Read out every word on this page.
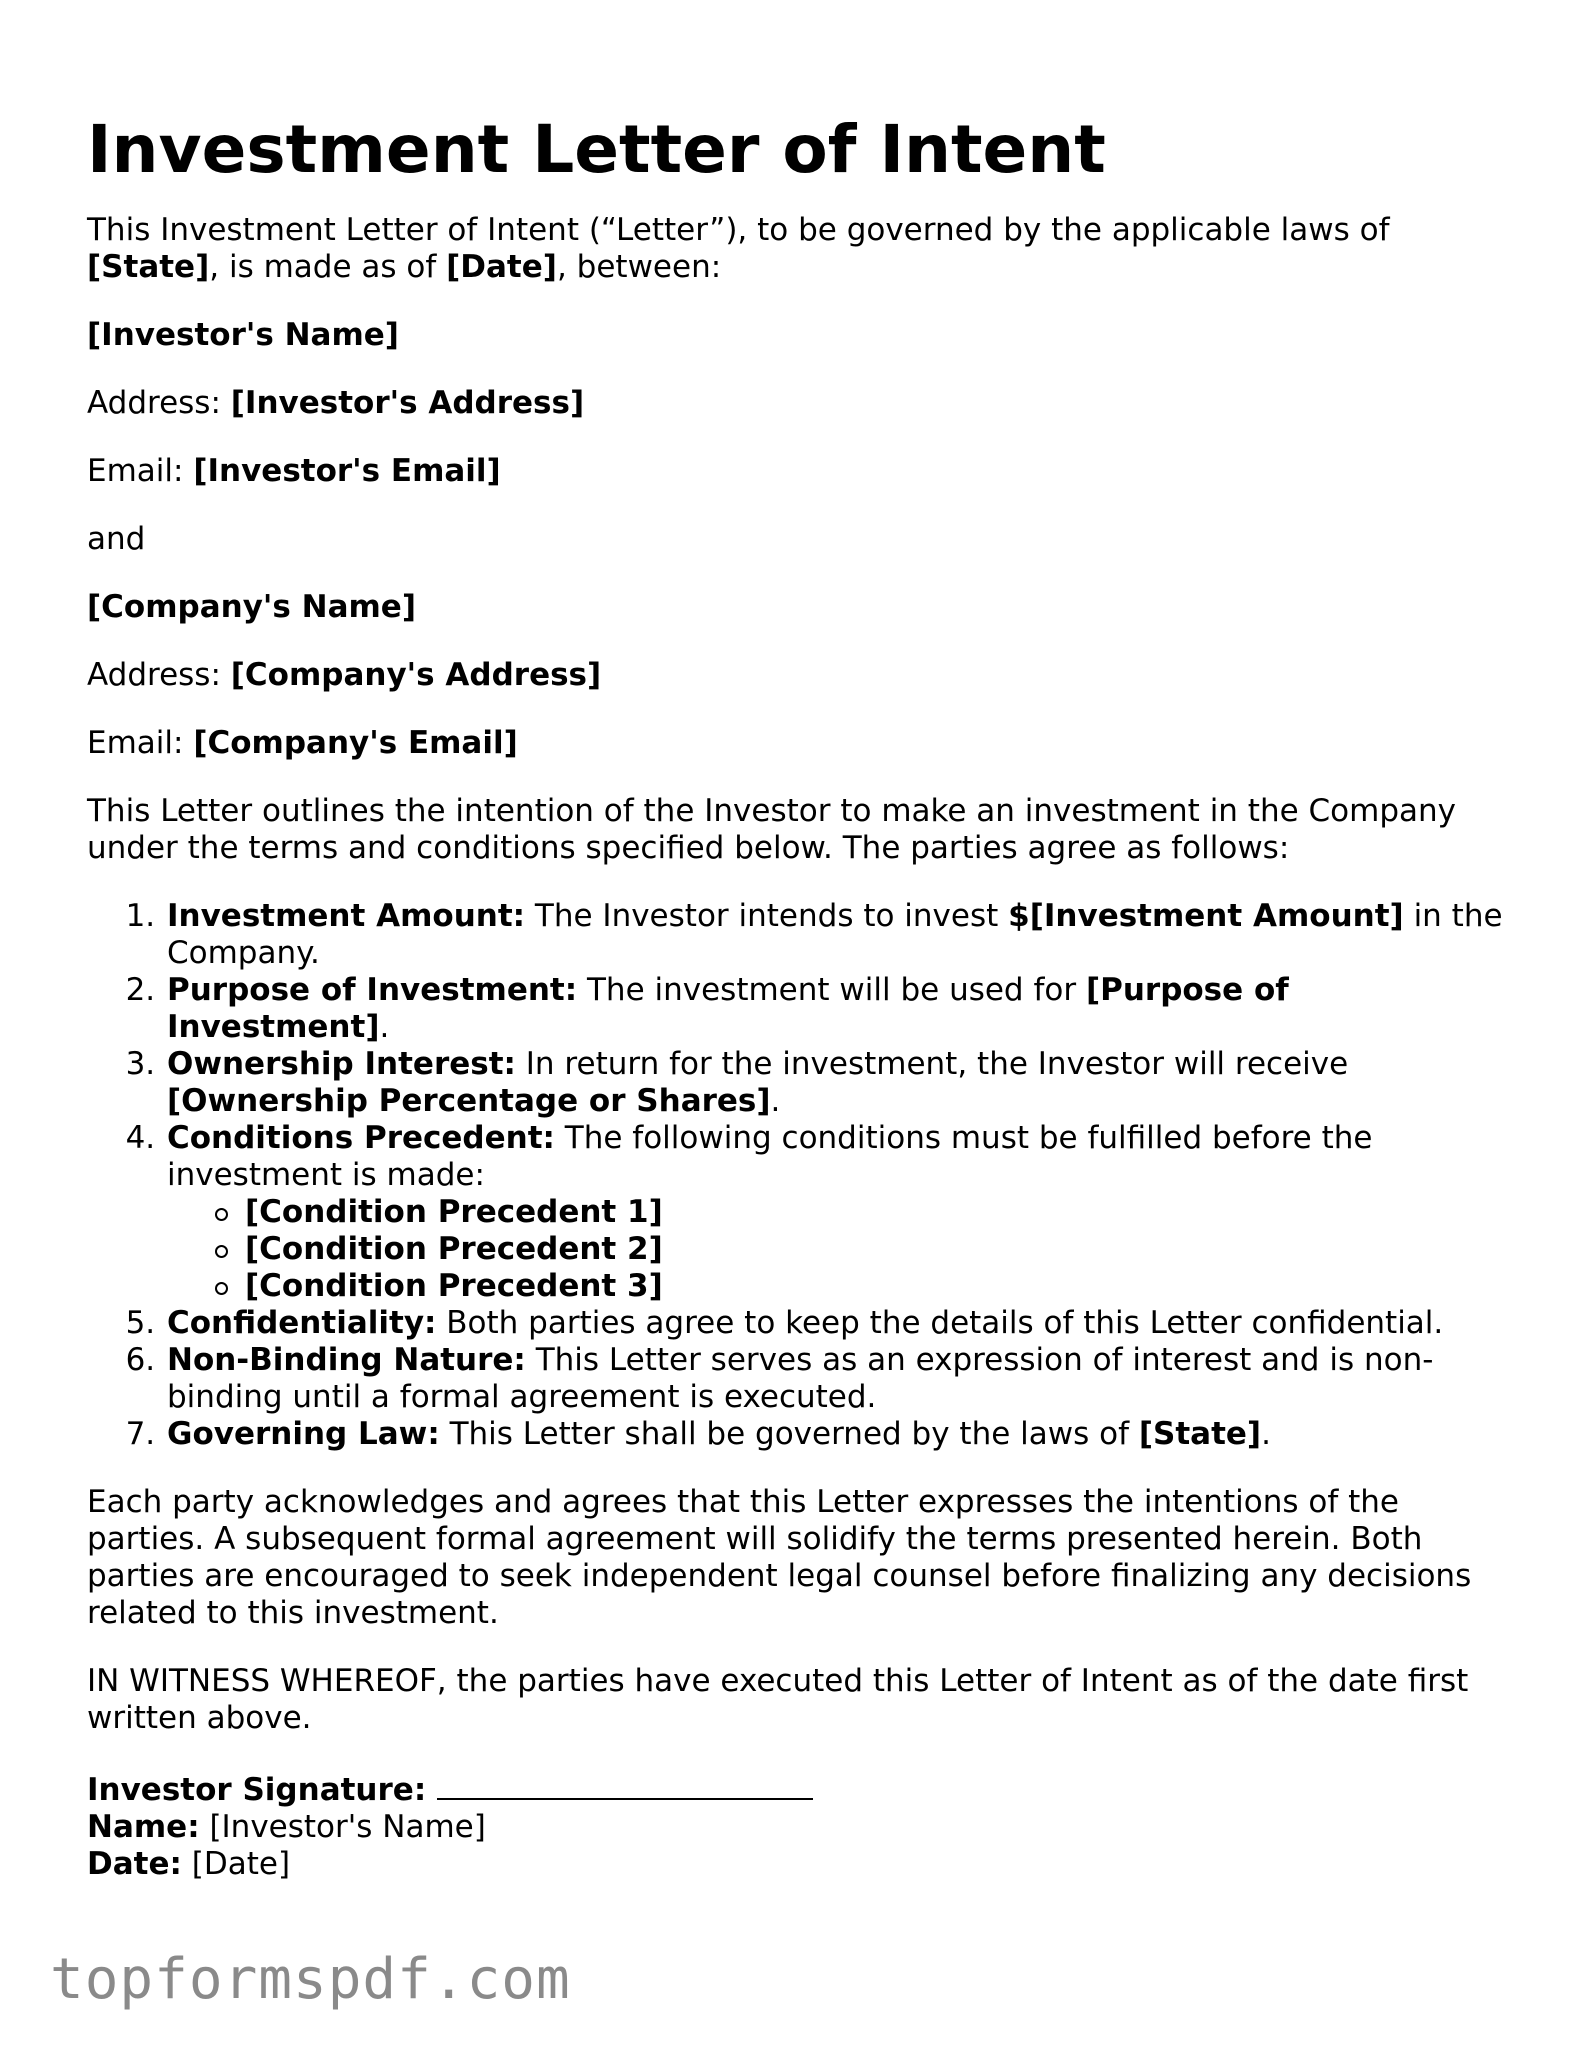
Investment Letter of Intent

This Investment Letter of Intent (“Letter”), to be governed by the applicable laws of [State], is made as of [Date], between:

[Investor's Name]

Address: [Investor's Address]

Email: [Investor's Email]

and

[Company's Name]

Address: [Company's Address]

Email: [Company's Email]

This Letter outlines the intention of the Investor to make an investment in the Company under the terms and conditions specified below. The parties agree as follows:

1. Investment Amount: The Investor intends to invest $[Investment Amount] in the Company.
2. Purpose of Investment: The investment will be used for [Purpose of Investment].
3. Ownership Interest: In return for the investment, the Investor will receive [Ownership Percentage or Shares].
4. Conditions Precedent: The following conditions must be fulfilled before the investment is made:
[Condition Precedent 1]
[Condition Precedent 2]
[Condition Precedent 3]
5. Confidentiality: Both parties agree to keep the details of this Letter confidential.
6. Non-Binding Nature: This Letter serves as an expression of interest and is non-binding until a formal agreement is executed.
7. Governing Law: This Letter shall be governed by the laws of [State].

Each party acknowledges and agrees that this Letter expresses the intentions of the parties. A subsequent formal agreement will solidify the terms presented herein. Both parties are encouraged to seek independent legal counsel before finalizing any decisions related to this investment.

IN WITNESS WHEREOF, the parties have executed this Letter of Intent as of the date first written above.

Investor Signature:
Name: [Investor's Name]
Date: [Date]
topformspdf.com
